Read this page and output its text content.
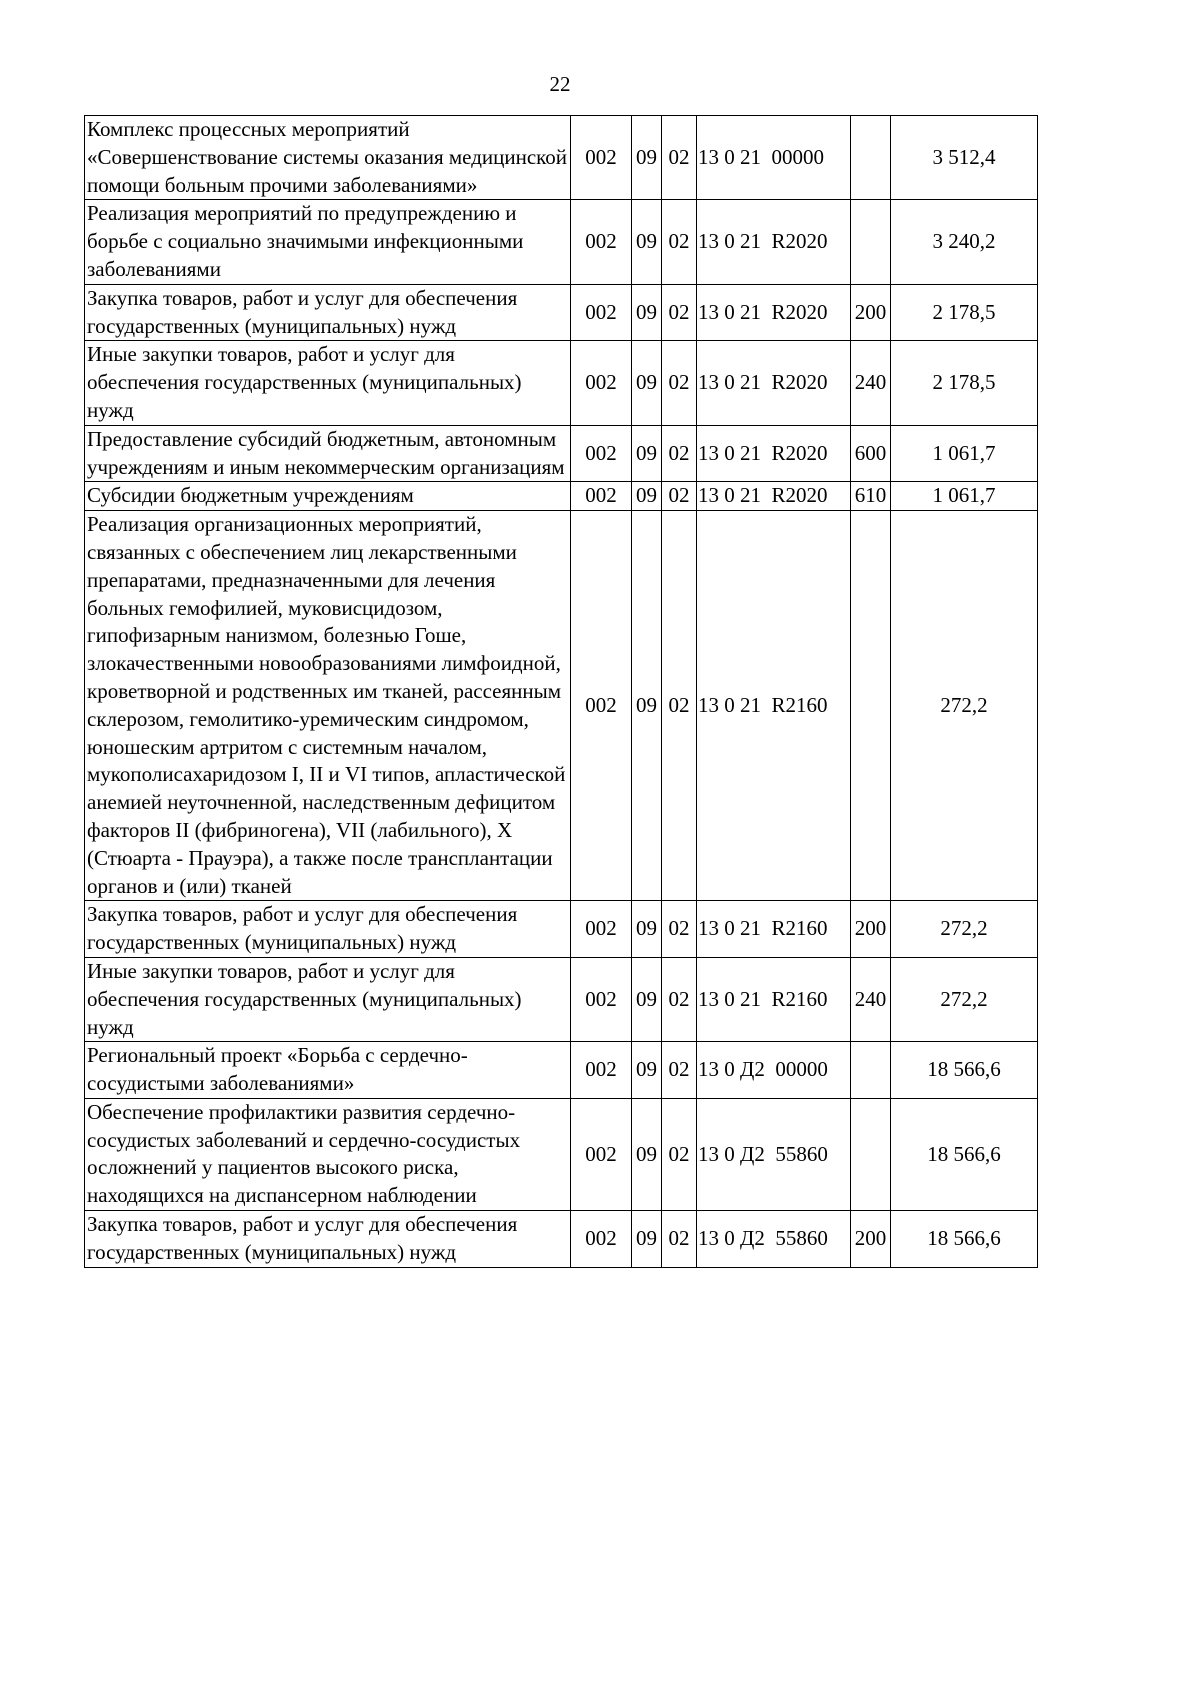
22
Комплекс процессных мероприятий «Совершенствование системы оказания медицинской помощи больным прочими заболеваниями»	002	09	02	13 0 21 00000		3 512,4
Реализация мероприятий по предупреждению и борьбе с социально значимыми инфекционными заболеваниями	002	09	02	13 0 21 R2020		3 240,2
Закупка товаров, работ и услуг для обеспечения государственных (муниципальных) нужд	002	09	02	13 0 21 R2020	200	2 178,5
Иные закупки товаров, работ и услуг для обеспечения государственных (муниципальных) нужд	002	09	02	13 0 21 R2020	240	2 178,5
Предоставление субсидий бюджетным, автономным учреждениям и иным некоммерческим организациям	002	09	02	13 0 21 R2020	600	1 061,7
Субсидии бюджетным учреждениям	002	09	02	13 0 21 R2020	610	1 061,7
Реализация организационных мероприятий, связанных с обеспечением лиц лекарственными препаратами, предназначенными для лечения больных гемофилией, муковисцидозом, гипофизарным нанизмом, болезнью Гоше, злокачественными новообразованиями лимфоидной, кроветворной и родственных им тканей, рассеянным склерозом, гемолитико-уремическим синдромом, юношеским артритом с системным началом, мукополисахаридозом I, II и VI типов, апластической анемией неуточненной, наследственным дефицитом факторов II (фибриногена), VII (лабильного), X (Стюарта - Прауэра), а также после трансплантации органов и (или) тканей	002	09	02	13 0 21 R2160		272,2
Закупка товаров, работ и услуг для обеспечения государственных (муниципальных) нужд	002	09	02	13 0 21 R2160	200	272,2
Иные закупки товаров, работ и услуг для обеспечения государственных (муниципальных) нужд	002	09	02	13 0 21 R2160	240	272,2
Региональный проект «Борьба с сердечно-сосудистыми заболеваниями»	002	09	02	13 0 Д2 00000		18 566,6
Обеспечение профилактики развития сердечно-сосудистых заболеваний и сердечно-сосудистых осложнений у пациентов высокого риска, находящихся на диспансерном наблюдении	002	09	02	13 0 Д2 55860		18 566,6
Закупка товаров, работ и услуг для обеспечения государственных (муниципальных) нужд	002	09	02	13 0 Д2 55860	200	18 566,6
